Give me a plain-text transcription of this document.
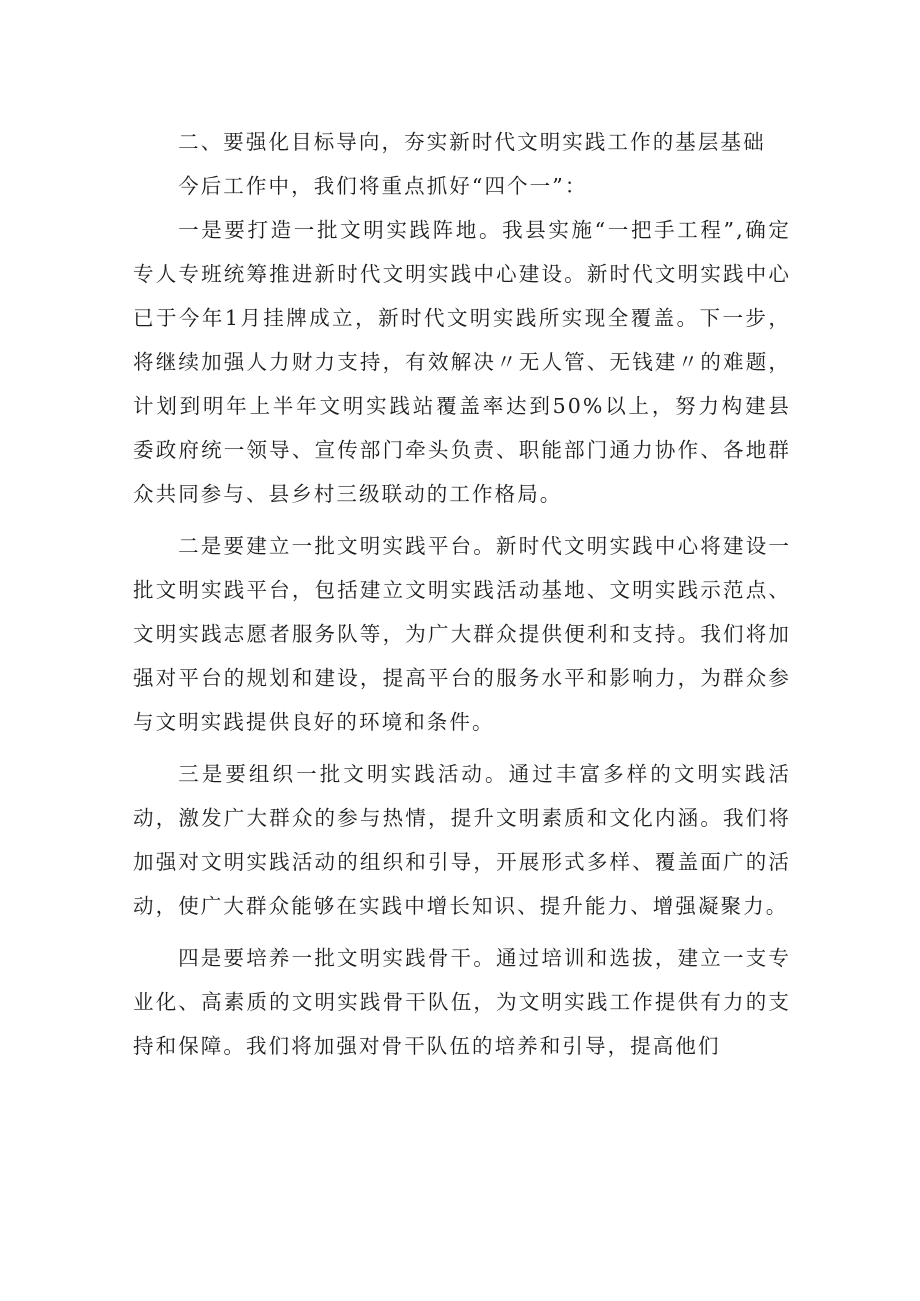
二、要强化目标导向，夯实新时代文明实践工作的基层基础

今后工作中，我们将重点抓好“四个一”：

一是要打造一批文明实践阵地。我县实施“一把手工程”,确定专人专班统筹推进新时代文明实践中心建设。新时代文明实践中心已于今年1月挂牌成立，新时代文明实践所实现全覆盖。下一步，将继续加强人力财力支持，有效解决〃无人管、无钱建〃的难题，计划到明年上半年文明实践站覆盖率达到50%以上，努力构建县委政府统一领导、宣传部门牵头负责、职能部门通力协作、各地群众共同参与、县乡村三级联动的工作格局。

二是要建立一批文明实践平台。新时代文明实践中心将建设一批文明实践平台，包括建立文明实践活动基地、文明实践示范点、文明实践志愿者服务队等，为广大群众提供便利和支持。我们将加强对平台的规划和建设，提高平台的服务水平和影响力，为群众参与文明实践提供良好的环境和条件。

三是要组织一批文明实践活动。通过丰富多样的文明实践活动，激发广大群众的参与热情，提升文明素质和文化内涵。我们将加强对文明实践活动的组织和引导，开展形式多样、覆盖面广的活动，使广大群众能够在实践中增长知识、提升能力、增强凝聚力。

四是要培养一批文明实践骨干。通过培训和选拔，建立一支专业化、高素质的文明实践骨干队伍，为文明实践工作提供有力的支持和保障。我们将加强对骨干队伍的培养和引导，提高他们
